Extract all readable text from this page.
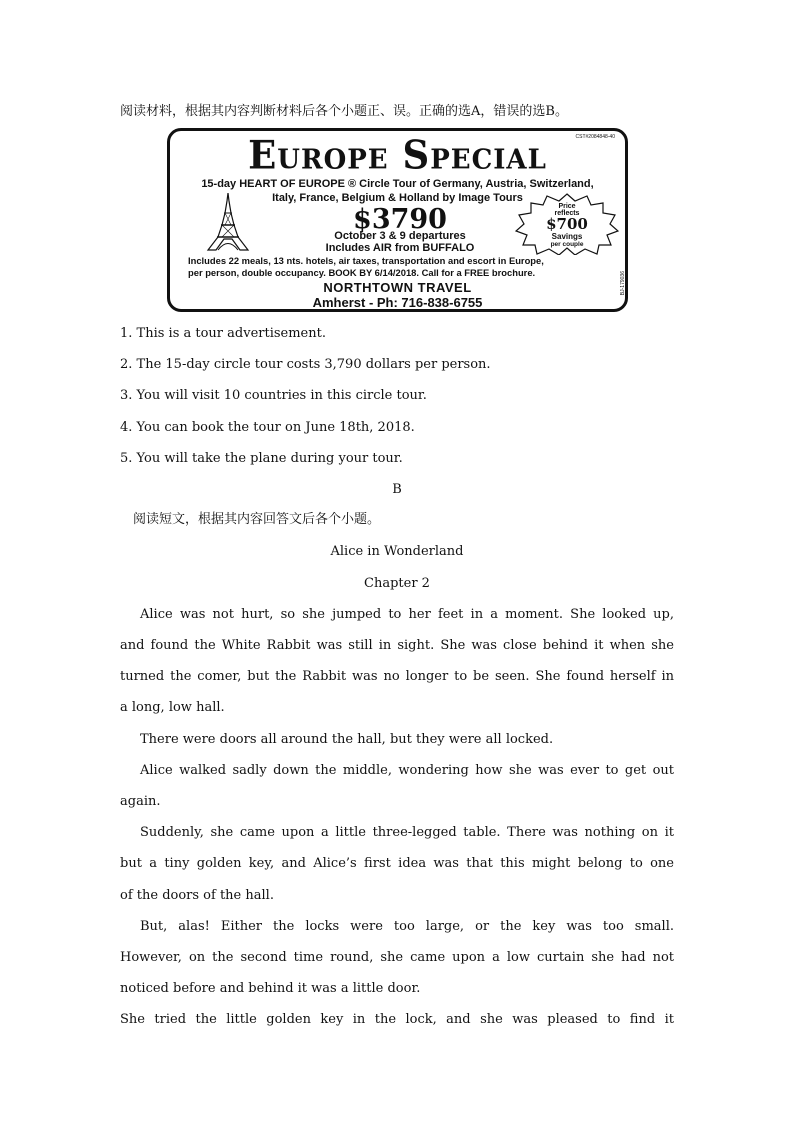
阅读材料，根据其内容判断材料后各个小题正、误。正确的选A，错误的选B。
CST#2084848-40
Europe Special
15-day HEART OF EUROPE ® Circle Tour of Germany, Austria, Switzerland,
Italy, France, Belgium & Holland by Image Tours
$3790
October 3 & 9 departures
Includes AIR from BUFFALO
Price
reflects
$700
Savings
per couple
Includes 22 meals, 13 nts. hotels, air taxes, transportation and escort in Europe,
per person, double occupancy. BOOK BY 6/14/2018. Call for a FREE brochure.
NORTHTOWN TRAVEL
Amherst - Ph: 716-838-6755
BJ-179036
1. This is a tour advertisement.
2. The 15-day circle tour costs 3,790 dollars per person.
3. You will visit 10 countries in this circle tour.
4. You can book the tour on June 18th, 2018.
5. You will take the plane during your tour.
B
阅读短文，根据其内容回答文后各个小题。
Alice in Wonderland
Chapter 2
Alice was not hurt, so she jumped to her feet in a moment. She looked up,
and found the White Rabbit was still in sight. She was close behind it when she
turned the comer, but the Rabbit was no longer to be seen. She found herself in
a long, low hall.
There were doors all around the hall, but they were all locked.
Alice walked sadly down the middle, wondering how she was ever to get out
again.
Suddenly, she came upon a little three-legged table. There was nothing on it
but a tiny golden key, and Alice’s first idea was that this might belong to one
of the doors of the hall.
But, alas! Either the locks were too large, or the key was too small.
However, on the second time round, she came upon a low curtain she had not
noticed before and behind it was a little door.
She tried the little golden key in the lock, and she was pleased to find it
